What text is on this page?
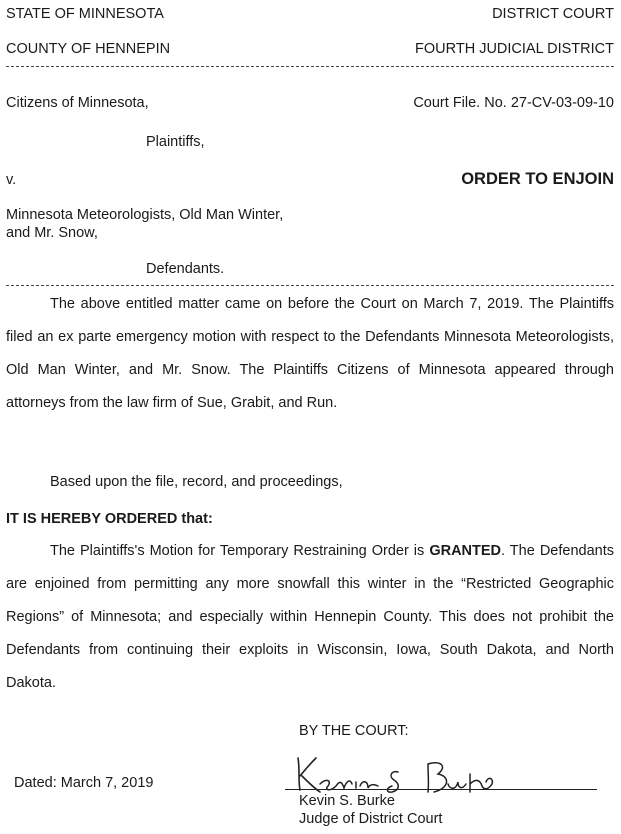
STATE OF MINNESOTA	DISTRICT COURT
COUNTY OF HENNEPIN	FOURTH JUDICIAL DISTRICT
Citizens of Minnesota,	Court File. No. 27-CV-03-09-10
Plaintiffs,
v.	ORDER TO ENJOIN
Minnesota Meteorologists, Old Man Winter,
and Mr. Snow,
Defendants.
The above entitled matter came on before the Court on March 7, 2019. The Plaintiffs filed an ex parte emergency motion with respect to the Defendants Minnesota Meteorologists, Old Man Winter, and Mr. Snow. The Plaintiffs Citizens of Minnesota appeared through attorneys from the law firm of Sue, Grabit, and Run.
Based upon the file, record, and proceedings,
IT IS HEREBY ORDERED that:
The Plaintiffs's Motion for Temporary Restraining Order is GRANTED. The Defendants are enjoined from permitting any more snowfall this winter in the “Restricted Geographic Regions” of Minnesota; and especially within Hennepin County. This does not prohibit the Defendants from continuing their exploits in Wisconsin, Iowa, South Dakota, and North Dakota.
BY THE COURT:
Dated: March 7, 2019
Kevin S. Burke
Judge of District Court
